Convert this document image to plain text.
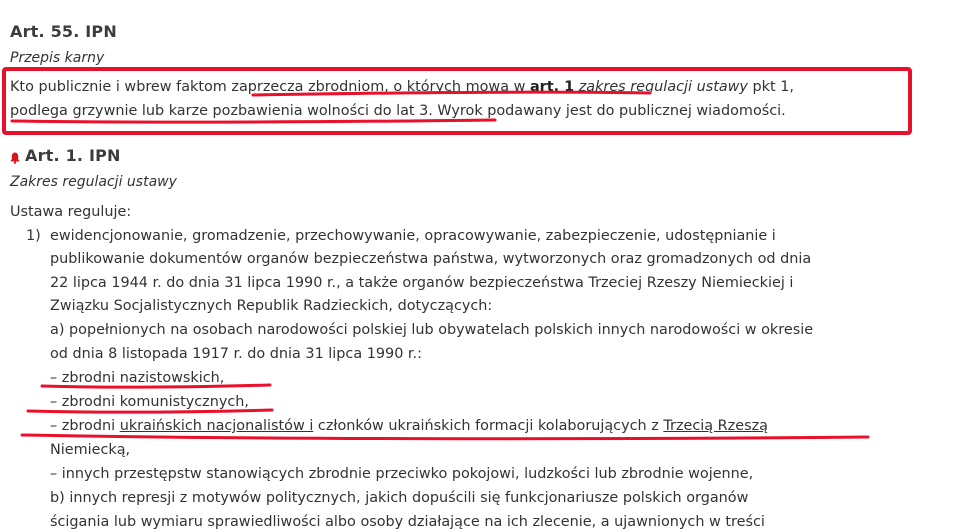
Art. 55. IPN
Przepis karny
Kto publicznie i wbrew faktom zaprzecza zbrodniom, o których mowa w art. 1 zakres regulacji ustawy pkt 1,
podlega grzywnie lub karze pozbawienia wolności do lat 3. Wyrok podawany jest do publicznej wiadomości.
Art. 1. IPN
Zakres regulacji ustawy
Ustawa reguluje:
1) ewidencjonowanie, gromadzenie, przechowywanie, opracowywanie, zabezpieczenie, udostępnianie i
publikowanie dokumentów organów bezpieczeństwa państwa, wytworzonych oraz gromadzonych od dnia
22 lipca 1944 r. do dnia 31 lipca 1990 r., a także organów bezpieczeństwa Trzeciej Rzeszy Niemieckiej i
Związku Socjalistycznych Republik Radzieckich, dotyczących:
a) popełnionych na osobach narodowości polskiej lub obywatelach polskich innych narodowości w okresie
od dnia 8 listopada 1917 r. do dnia 31 lipca 1990 r.:
– zbrodni nazistowskich,
– zbrodni komunistycznych,
– zbrodni ukraińskich nacjonalistów i członków ukraińskich formacji kolaborujących z Trzecią Rzeszą
Niemiecką,
– innych przestępstw stanowiących zbrodnie przeciwko pokojowi, ludzkości lub zbrodnie wojenne,
b) innych represji z motywów politycznych, jakich dopuścili się funkcjonariusze polskich organów
ścigania lub wymiaru sprawiedliwości albo osoby działające na ich zlecenie, a ujawnionych w treści
